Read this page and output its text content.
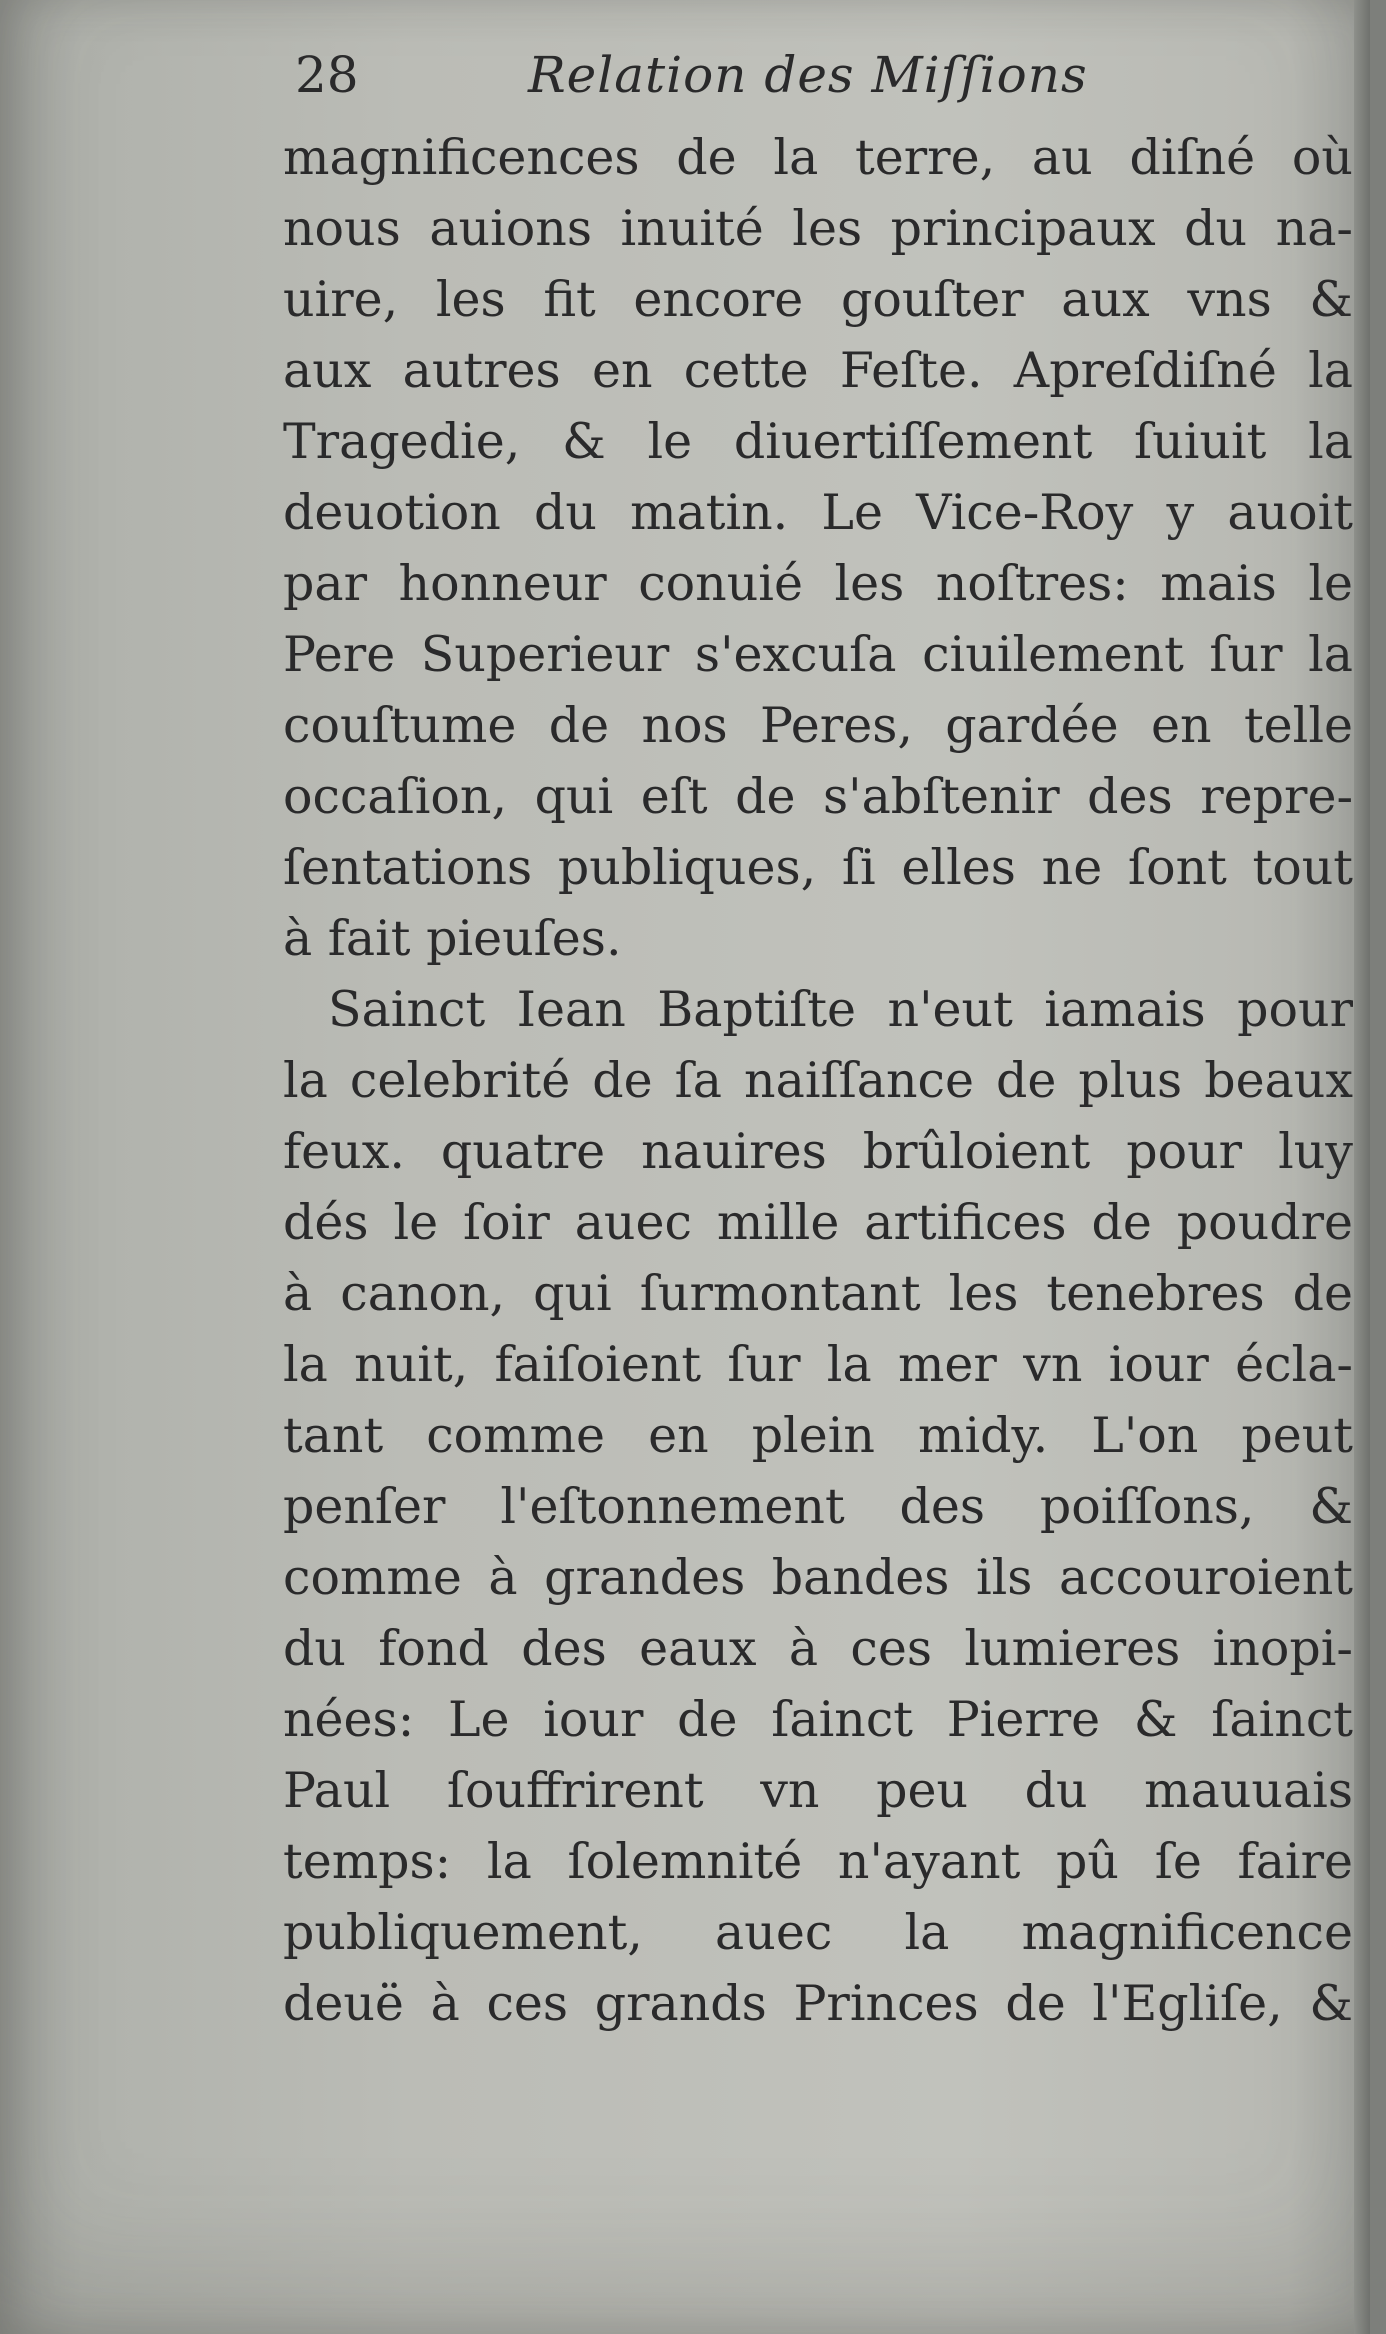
28	Relation des Miſſions
magnificences de la terre, au diſné où
nous auions inuité les principaux du na-
uire, les fit encore gouſter aux vns &
aux autres en cette Feſte. Apreſdiſné la
Tragedie, & le diuertiſſement ſuiuit la
deuotion du matin. Le Vice-Roy y auoit
par honneur conuié les noſtres: mais le
Pere Superieur s'excuſa ciuilement ſur la
couſtume de nos Peres, gardée en telle
occaſion, qui eſt de s'abſtenir des repre-
ſentations publiques, ſi elles ne ſont tout
à fait pieuſes.
Sainct Iean Baptiſte n'eut iamais pour
la celebrité de ſa naiſſance de plus beaux
feux. quatre nauires brûloient pour luy
dés le ſoir auec mille artifices de poudre
à canon, qui ſurmontant les tenebres de
la nuit, faiſoient ſur la mer vn iour écla-
tant comme en plein midy. L'on peut
penſer l'eſtonnement des poiſſons, &
comme à grandes bandes ils accouroient
du fond des eaux à ces lumieres inopi-
nées: Le iour de ſainct Pierre & ſainct
Paul ſouffrirent vn peu du mauuais
temps: la ſolemnité n'ayant pû ſe faire
publiquement, auec la magnificence
deuë à ces grands Princes de l'Egliſe, &
